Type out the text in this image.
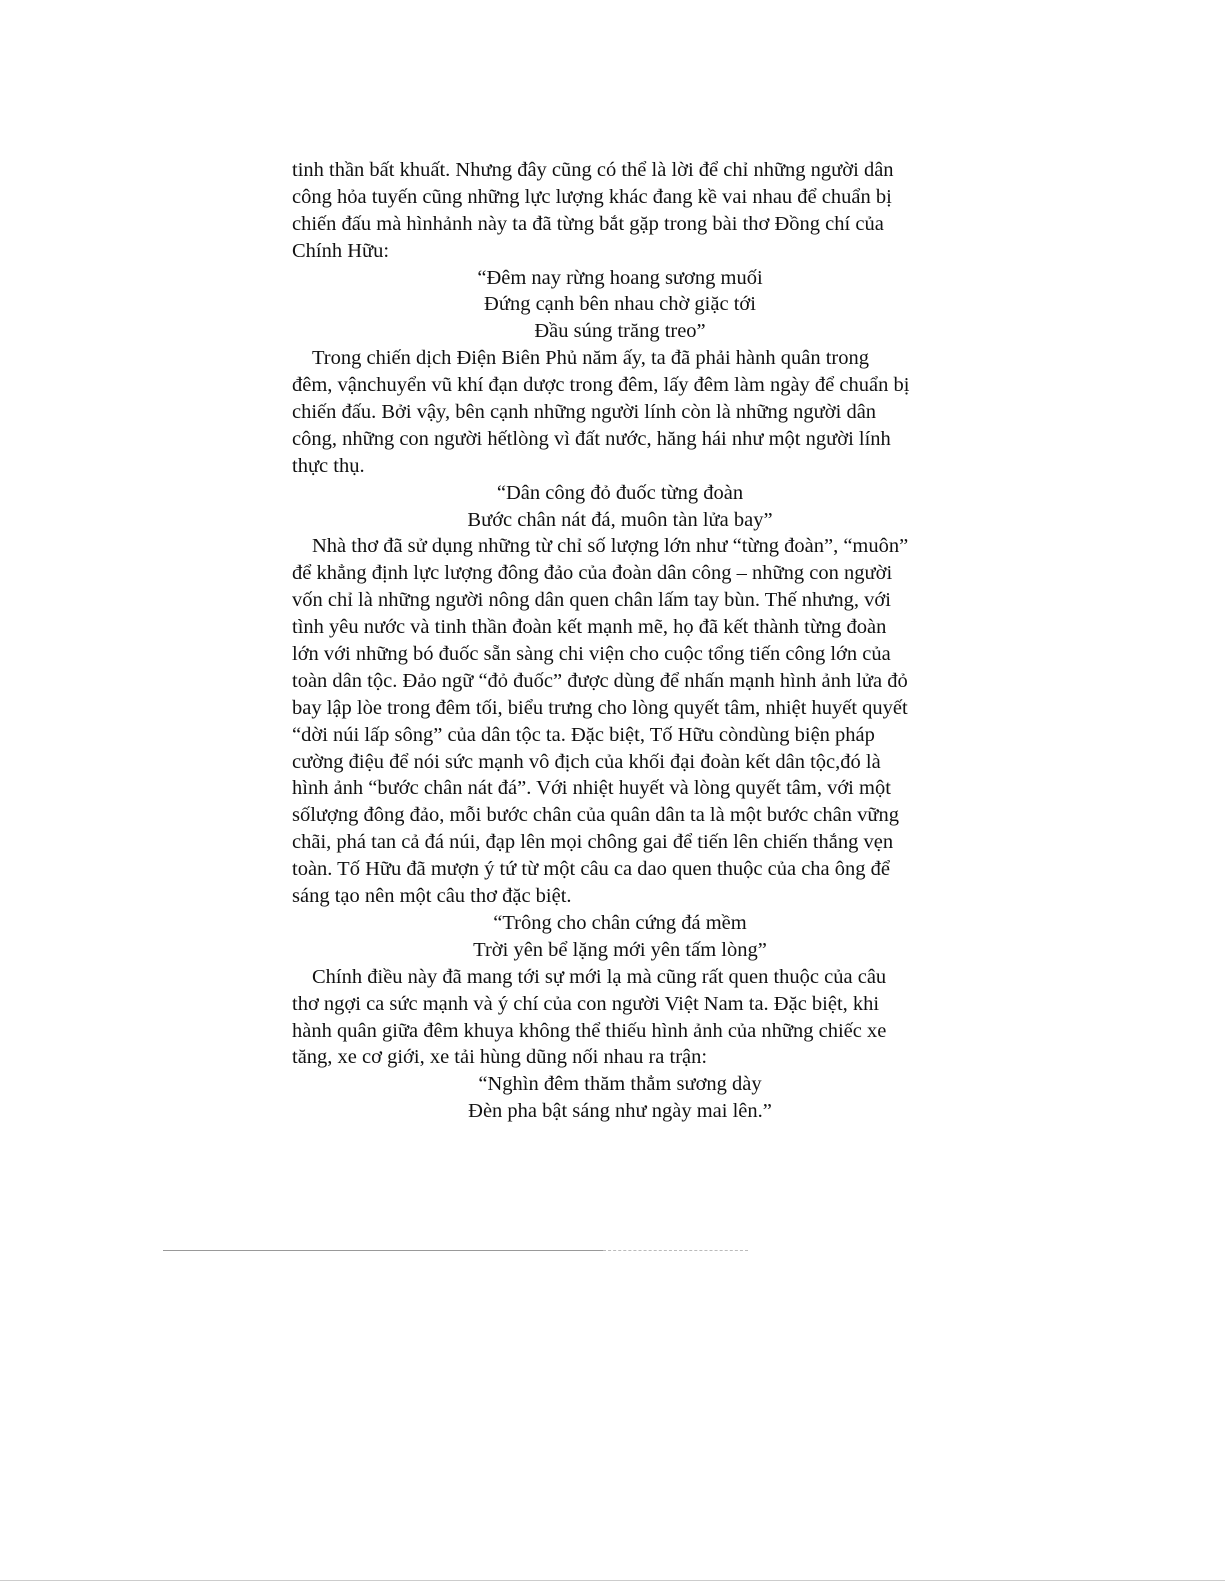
tinh thần bất khuất. Nhưng đây cũng có thể là lời để chỉ những người dân
công hỏa tuyến cũng những lực lượng khác đang kề vai nhau để chuẩn bị
chiến đấu mà hìnhảnh này ta đã từng bắt gặp trong bài thơ Đồng chí của
Chính Hữu:
“Đêm nay rừng hoang sương muối
Đứng cạnh bên nhau chờ giặc tới
Đầu súng trăng treo”
Trong chiến dịch Điện Biên Phủ năm ấy, ta đã phải hành quân trong
đêm, vậnchuyển vũ khí đạn dược trong đêm, lấy đêm làm ngày để chuẩn bị
chiến đấu. Bởi vậy, bên cạnh những người lính còn là những người dân
công, những con người hếtlòng vì đất nước, hăng hái như một người lính
thực thụ.
“Dân công đỏ đuốc từng đoàn
Bước chân nát đá, muôn tàn lửa bay”
Nhà thơ đã sử dụng những từ chỉ số lượng lớn như “từng đoàn”, “muôn”
để khẳng định lực lượng đông đảo của đoàn dân công – những con người
vốn chỉ là những người nông dân quen chân lấm tay bùn. Thế nhưng, với
tình yêu nước và tinh thần đoàn kết mạnh mẽ, họ đã kết thành từng đoàn
lớn với những bó đuốc sẵn sàng chi viện cho cuộc tổng tiến công lớn của
toàn dân tộc. Đảo ngữ “đỏ đuốc” được dùng để nhấn mạnh hình ảnh lửa đỏ
bay lập lòe trong đêm tối, biểu trưng cho lòng quyết tâm, nhiệt huyết quyết
“dời núi lấp sông” của dân tộc ta. Đặc biệt, Tố Hữu còndùng biện pháp
cường điệu để nói sức mạnh vô địch của khối đại đoàn kết dân tộc,đó là
hình ảnh “bước chân nát đá”. Với nhiệt huyết và lòng quyết tâm, với một
sốlượng đông đảo, mỗi bước chân của quân dân ta là một bước chân vững
chãi, phá tan cả đá núi, đạp lên mọi chông gai để tiến lên chiến thắng vẹn
toàn. Tố Hữu đã mượn ý tứ từ một câu ca dao quen thuộc của cha ông để
sáng tạo nên một câu thơ đặc biệt.
“Trông cho chân cứng đá mềm
Trời yên bể lặng mới yên tấm lòng”
Chính điều này đã mang tới sự mới lạ mà cũng rất quen thuộc của câu
thơ ngợi ca sức mạnh và ý chí của con người Việt Nam ta. Đặc biệt, khi
hành quân giữa đêm khuya không thể thiếu hình ảnh của những chiếc xe
tăng, xe cơ giới, xe tải hùng dũng nối nhau ra trận:
“Nghìn đêm thăm thẳm sương dày
Đèn pha bật sáng như ngày mai lên.”
